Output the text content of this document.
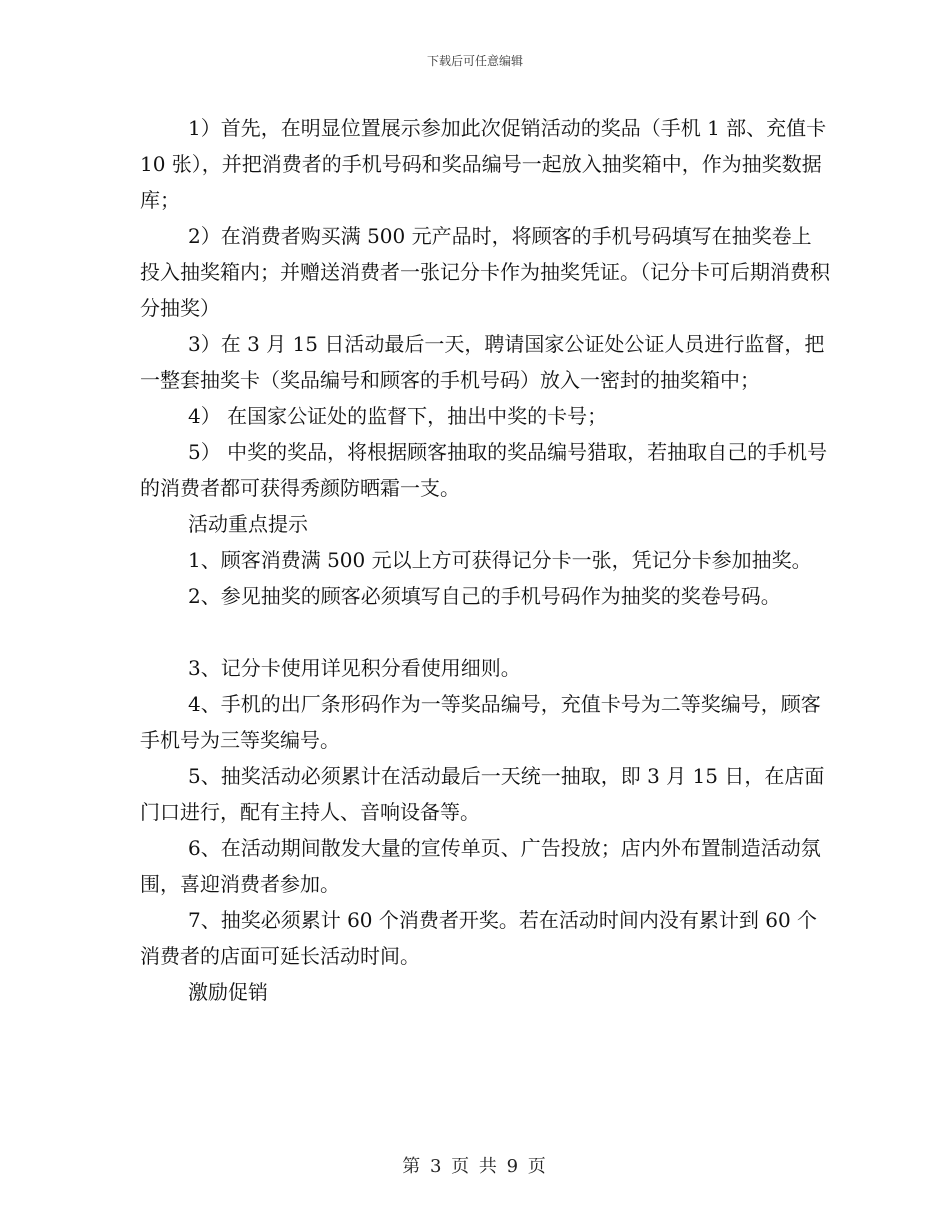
下载后可任意编辑

1）首先，在明显位置展示参加此次促销活动的奖品（手机 1 部、充值卡 10 张），并把消费者的手机号码和奖品编号一起放入抽奖箱中，作为抽奖数据库；

2）在消费者购买满 500 元产品时，将顾客的手机号码填写在抽奖卷上投入抽奖箱内；并赠送消费者一张记分卡作为抽奖凭证。（记分卡可后期消费积分抽奖）

3）在 3 月 15 日活动最后一天，聘请国家公证处公证人员进行监督，把一整套抽奖卡（奖品编号和顾客的手机号码）放入一密封的抽奖箱中；

4） 在国家公证处的监督下，抽出中奖的卡号；

5） 中奖的奖品，将根据顾客抽取的奖品编号猎取，若抽取自己的手机号的消费者都可获得秀颜防晒霜一支。

活动重点提示

1、顾客消费满 500 元以上方可获得记分卡一张，凭记分卡参加抽奖。

2、参见抽奖的顾客必须填写自己的手机号码作为抽奖的奖卷号码。

3、记分卡使用详见积分看使用细则。

4、手机的出厂条形码作为一等奖品编号，充值卡号为二等奖编号，顾客手机号为三等奖编号。

5、抽奖活动必须累计在活动最后一天统一抽取，即 3 月 15 日，在店面门口进行，配有主持人、音响设备等。

6、在活动期间散发大量的宣传单页、广告投放；店内外布置制造活动氛围，喜迎消费者参加。

7、抽奖必须累计 60 个消费者开奖。若在活动时间内没有累计到 60 个消费者的店面可延长活动时间。

激励促销

第 3 页 共 9 页
